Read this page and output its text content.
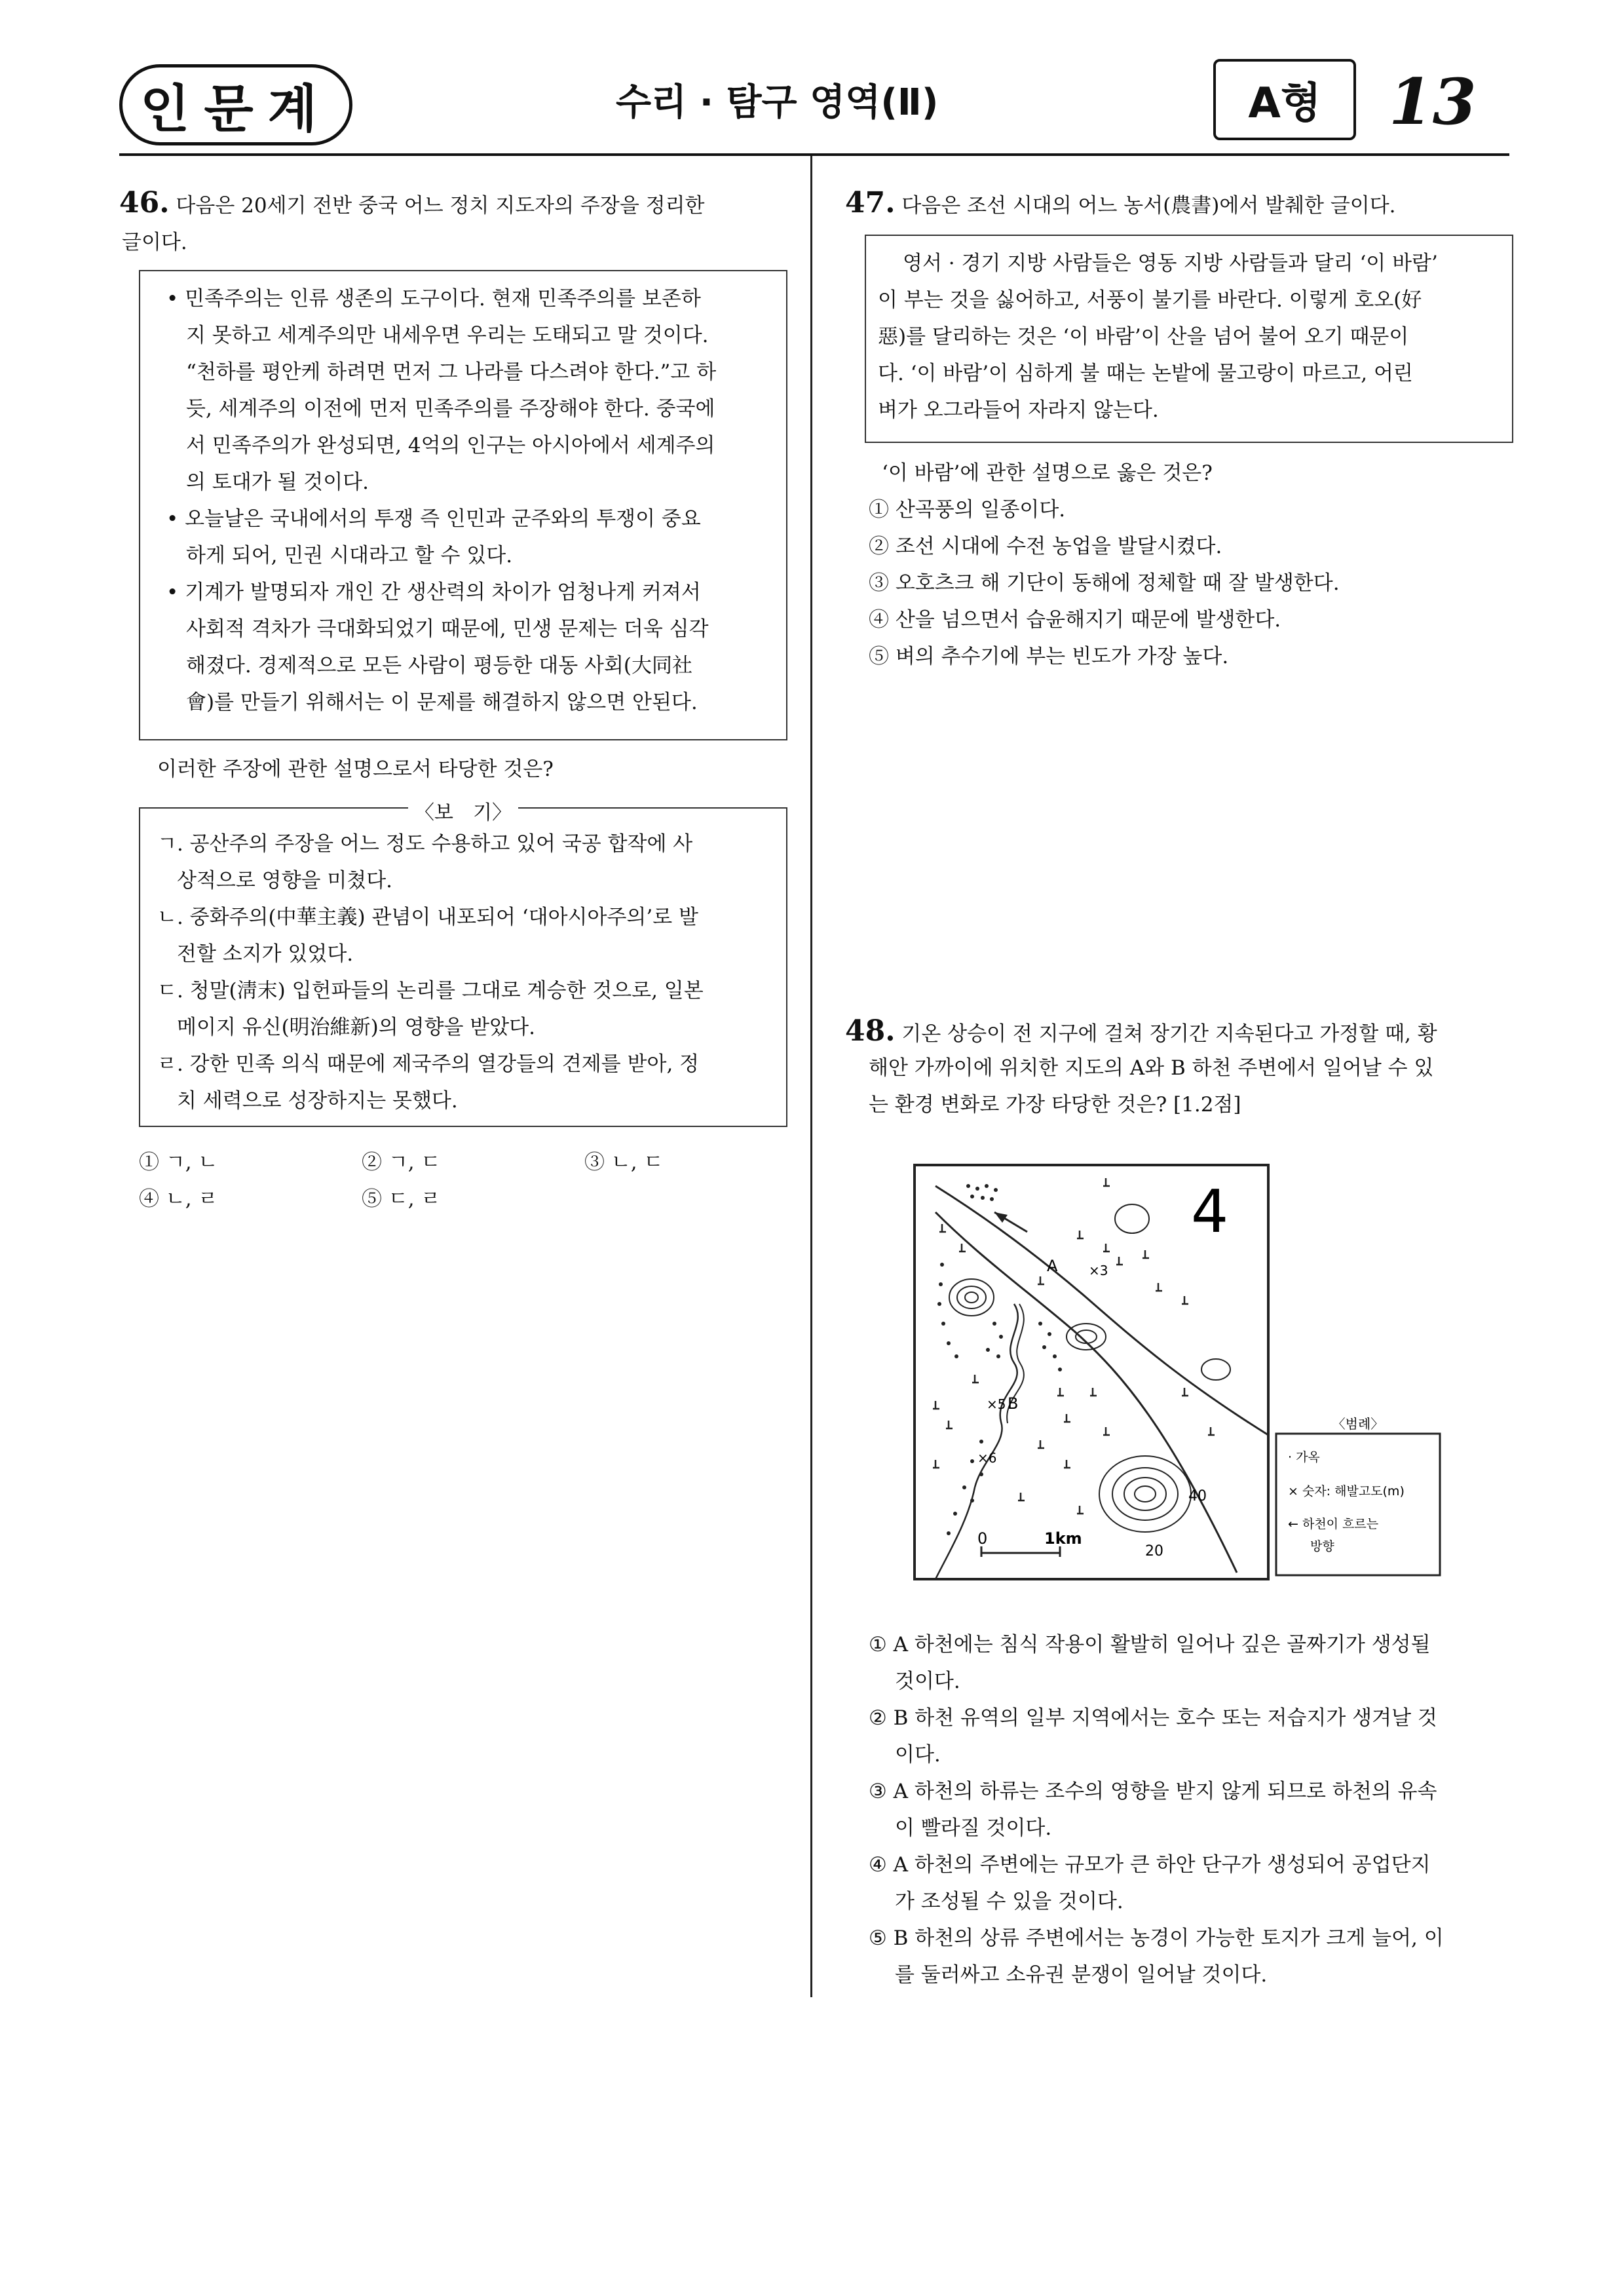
인문계	수리 · 탐구 영역(Ⅱ)	A형	13
46. 다음은 20세기 전반 중국 어느 정치 지도자의 주장을 정리한
글이다.
• 민족주의는 인류 생존의 도구이다. 현재 민족주의를 보존하
지 못하고 세계주의만 내세우면 우리는 도태되고 말 것이다.
“천하를 평안케 하려면 먼저 그 나라를 다스려야 한다.”고 하
듯, 세계주의 이전에 먼저 민족주의를 주장해야 한다. 중국에
서 민족주의가 완성되면, 4억의 인구는 아시아에서 세계주의
의 토대가 될 것이다.
• 오늘날은 국내에서의 투쟁 즉 인민과 군주와의 투쟁이 중요
하게 되어, 민권 시대라고 할 수 있다.
• 기계가 발명되자 개인 간 생산력의 차이가 엄청나게 커져서
사회적 격차가 극대화되었기 때문에, 민생 문제는 더욱 심각
해졌다. 경제적으로 모든 사람이 평등한 대동 사회(大同社
會)를 만들기 위해서는 이 문제를 해결하지 않으면 안된다.
이러한 주장에 관한 설명으로서 타당한 것은?
〈보　기〉
ㄱ. 공산주의 주장을 어느 정도 수용하고 있어 국공 합작에 사
상적으로 영향을 미쳤다.
ㄴ. 중화주의(中華主義) 관념이 내포되어 ‘대아시아주의’로 발
전할 소지가 있었다.
ㄷ. 청말(淸末) 입헌파들의 논리를 그대로 계승한 것으로, 일본
메이지 유신(明治維新)의 영향을 받았다.
ㄹ. 강한 민족 의식 때문에 제국주의 열강들의 견제를 받아, 정
치 세력으로 성장하지는 못했다.
① ㄱ, ㄴ	② ㄱ, ㄷ	③ ㄴ, ㄷ
④ ㄴ, ㄹ	⑤ ㄷ, ㄹ
47. 다음은 조선 시대의 어느 농서(農書)에서 발췌한 글이다.
영서 · 경기 지방 사람들은 영동 지방 사람들과 달리 ‘이 바람’
이 부는 것을 싫어하고, 서풍이 불기를 바란다. 이렇게 호오(好
惡)를 달리하는 것은 ‘이 바람’이 산을 넘어 불어 오기 때문이
다. ‘이 바람’이 심하게 불 때는 논밭에 물고랑이 마르고, 어린
벼가 오그라들어 자라지 않는다.
‘이 바람’에 관한 설명으로 옳은 것은?
① 산곡풍의 일종이다.
② 조선 시대에 수전 농업을 발달시켰다.
③ 오호츠크 해 기단이 동해에 정체할 때 잘 발생한다.
④ 산을 넘으면서 습윤해지기 때문에 발생한다.
⑤ 벼의 추수기에 부는 빈도가 가장 높다.
48. 기온 상승이 전 지구에 걸쳐 장기간 지속된다고 가정할 때, 황
해안 가까이에 위치한 지도의 A와 B 하천 주변에서 일어날 수 있
는 환경 변화로 가장 타당한 것은? [1.2점]
A
B
×3
×5
×6
40
20
4
0	1km
〈범례〉
· 가옥
× 숫자: 해발고도(m)
← 하천이 흐르는
방향
① A 하천에는 침식 작용이 활발히 일어나 깊은 골짜기가 생성될
것이다.
② B 하천 유역의 일부 지역에서는 호수 또는 저습지가 생겨날 것
이다.
③ A 하천의 하류는 조수의 영향을 받지 않게 되므로 하천의 유속
이 빨라질 것이다.
④ A 하천의 주변에는 규모가 큰 하안 단구가 생성되어 공업단지
가 조성될 수 있을 것이다.
⑤ B 하천의 상류 주변에서는 농경이 가능한 토지가 크게 늘어, 이
를 둘러싸고 소유권 분쟁이 일어날 것이다.
